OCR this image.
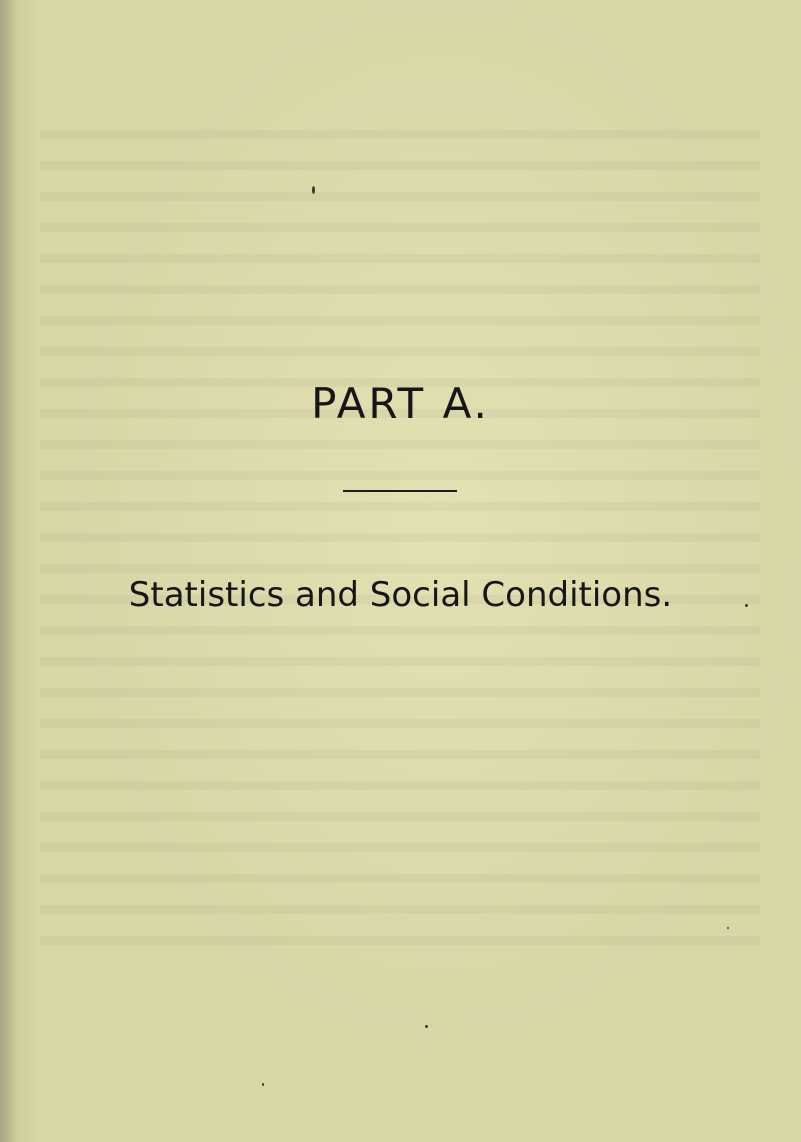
PART A.
Statistics and Social Conditions.
